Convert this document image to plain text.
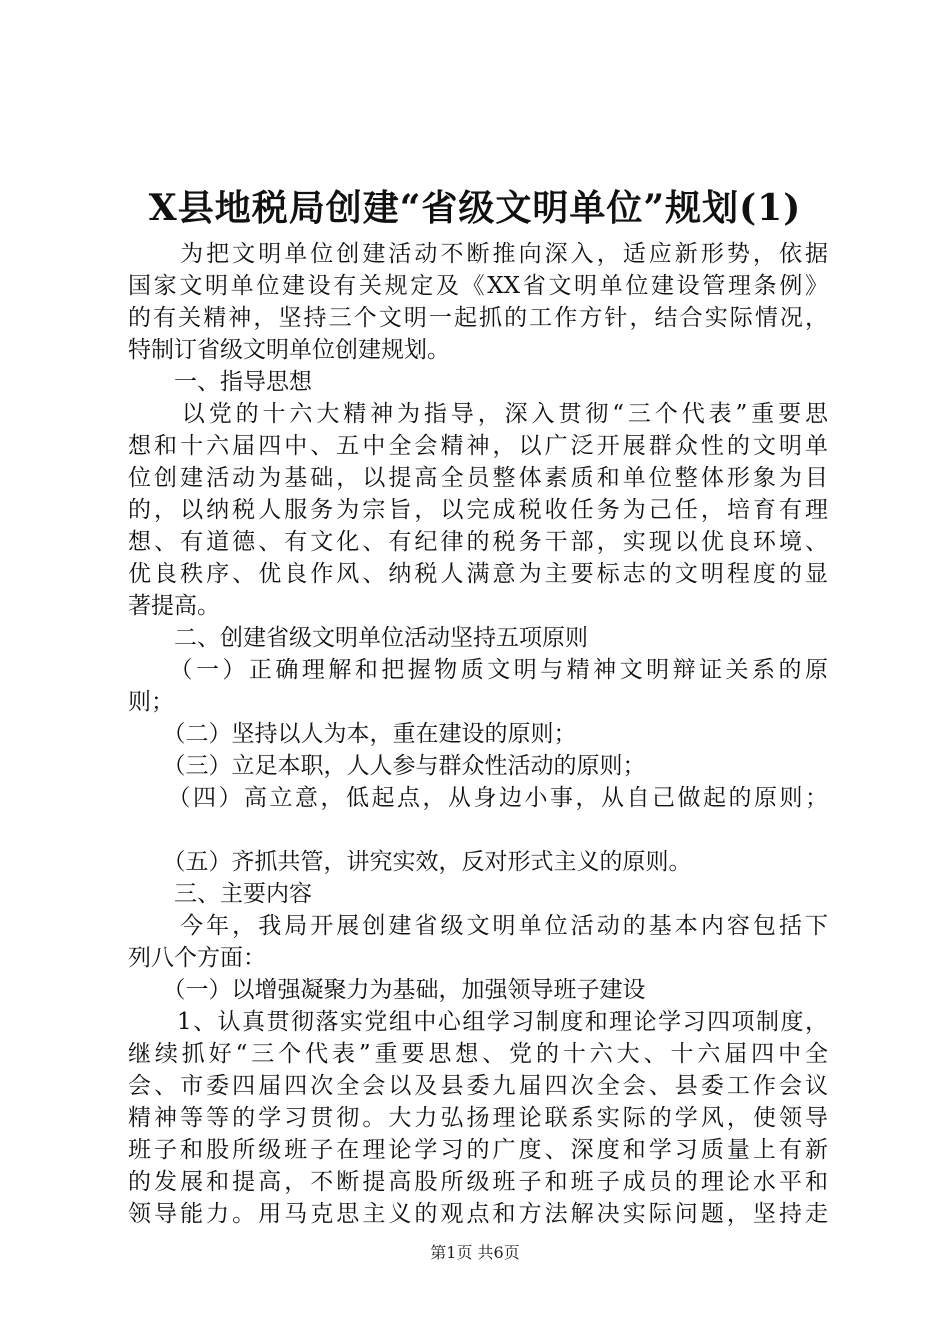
X县地税局创建“省级文明单位”规划(1)
　　为把文明单位创建活动不断推向深入，适应新形势，依据
国家文明单位建设有关规定及《XX省文明单位建设管理条例》
的有关精神，坚持三个文明一起抓的工作方针，结合实际情况，
特制订省级文明单位创建规划。
　　一、指导思想
　　以党的十六大精神为指导，深入贯彻“三个代表”重要思
想和十六届四中、五中全会精神，以广泛开展群众性的文明单
位创建活动为基础，以提高全员整体素质和单位整体形象为目
的，以纳税人服务为宗旨，以完成税收任务为己任，培育有理
想、有道德、有文化、有纪律的税务干部，实现以优良环境、
优良秩序、优良作风、纳税人满意为主要标志的文明程度的显
著提高。
　　二、创建省级文明单位活动坚持五项原则
　　（一）正确理解和把握物质文明与精神文明辩证关系的原
则；
　　（二）坚持以人为本，重在建设的原则；
　　（三）立足本职，人人参与群众性活动的原则；
　　（四）高立意，低起点，从身边小事，从自己做起的原则；
　　（五）齐抓共管，讲究实效，反对形式主义的原则。
　　三、主要内容
　　今年，我局开展创建省级文明单位活动的基本内容包括下
列八个方面：
　　（一）以增强凝聚力为基础，加强领导班子建设
　　1、认真贯彻落实党组中心组学习制度和理论学习四项制度，
继续抓好“三个代表”重要思想、党的十六大、十六届四中全
会、市委四届四次全会以及县委九届四次全会、县委工作会议
精神等等的学习贯彻。大力弘扬理论联系实际的学风，使领导
班子和股所级班子在理论学习的广度、深度和学习质量上有新
的发展和提高，不断提高股所级班子和班子成员的理论水平和
领导能力。用马克思主义的观点和方法解决实际问题，坚持走
第1页 共6页
